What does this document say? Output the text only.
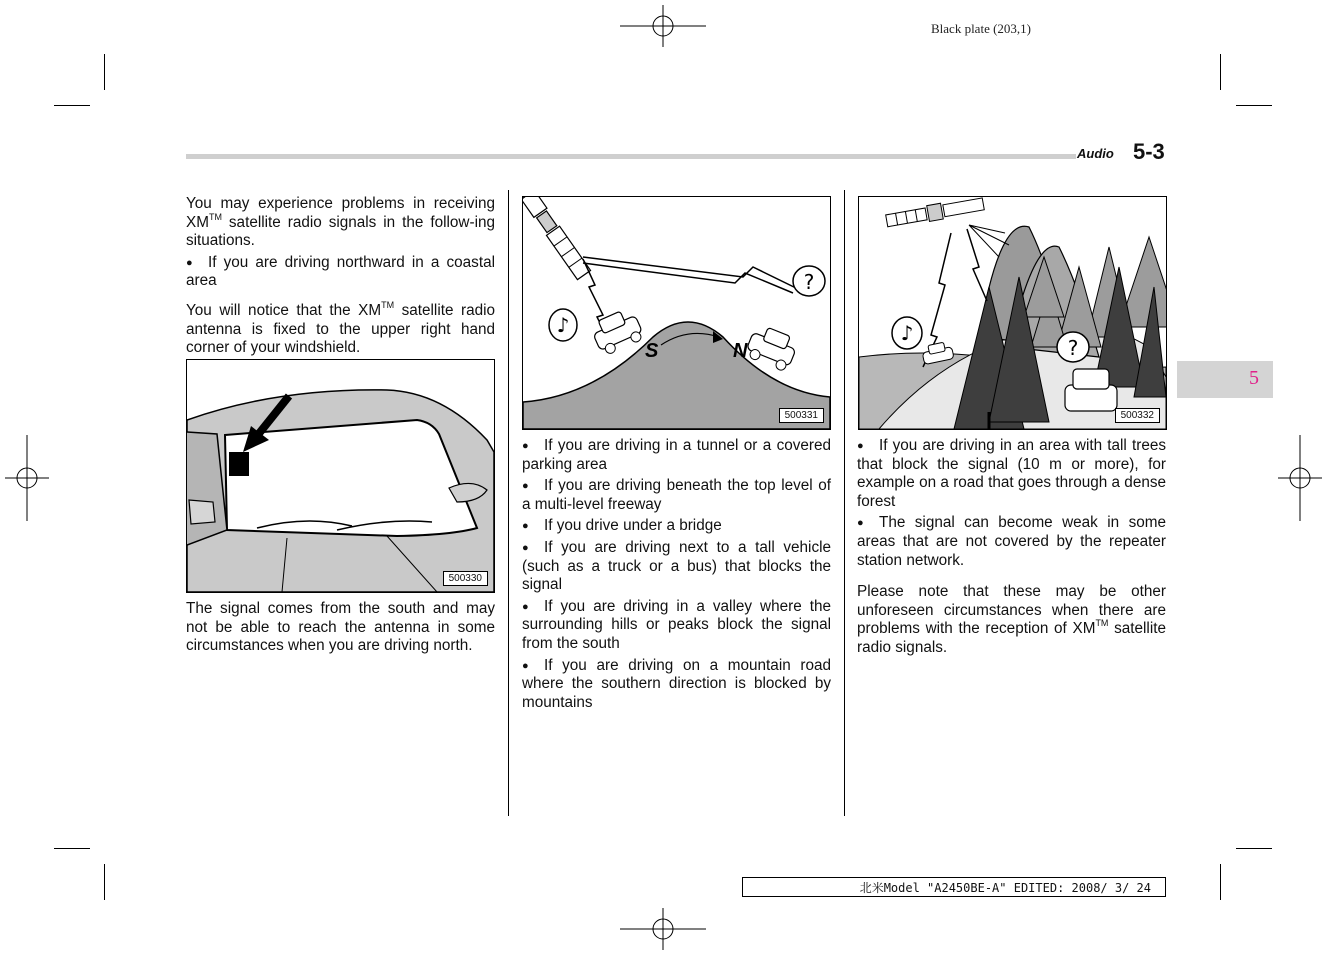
Black plate (203,1)
Audio 5-3
5

You may experience problems in receiving XM™ satellite radio signals in the follow-ing situations.

● If you are driving northward in a coastal area

You will notice that the XM™ satellite radio antenna is fixed to the upper right hand corner of your windshield.

500330

The signal comes from the south and may not be able to reach the antenna in some circumstances when you are driving north.

♪
?
S	N
500331

● If you are driving in a tunnel or a covered parking area

● If you are driving beneath the top level of a multi-level freeway

● If you drive under a bridge

● If you are driving next to a tall vehicle (such as a truck or a bus) that blocks the signal

● If you are driving in a valley where the surrounding hills or peaks block the signal from the south

● If you are driving on a mountain road where the southern direction is blocked by mountains

♪
?
500332

● If you are driving in an area with tall trees that block the signal (10 m or more), for example on a road that goes through a dense forest

● The signal can become weak in some areas that are not covered by the repeater station network.

Please note that these may be other unforeseen circumstances when there are problems with the reception of XM™ satellite radio signals.

北米Model "A2450BE-A" EDITED: 2008/ 3/ 24
